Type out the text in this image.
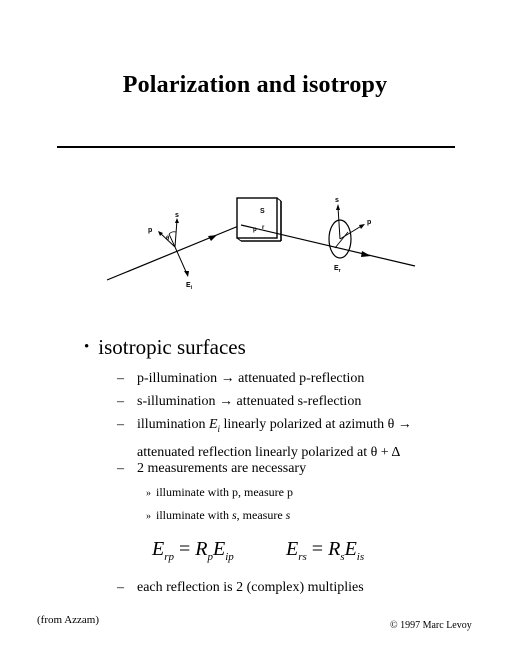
Polarization and isotropy
p
s
θ
$E_i$
S
p r
s
p
$E_r$
• isotropic surfaces
– p-illumination → attenuated p-reflection
– s-illumination → attenuated s-reflection
– illumination $E_i$ linearly polarized at azimuth θ →
attenuated reflection linearly polarized at θ + Δ
– 2 measurements are necessary
» illuminate with p, measure p
» illuminate with s, measure s
$E_{rp} = R_pE_{ip}$	$E_{rs} = R_sE_{is}$
– each reflection is 2 (complex) multiplies
(from Azzam)	© 1997 Marc Levoy
